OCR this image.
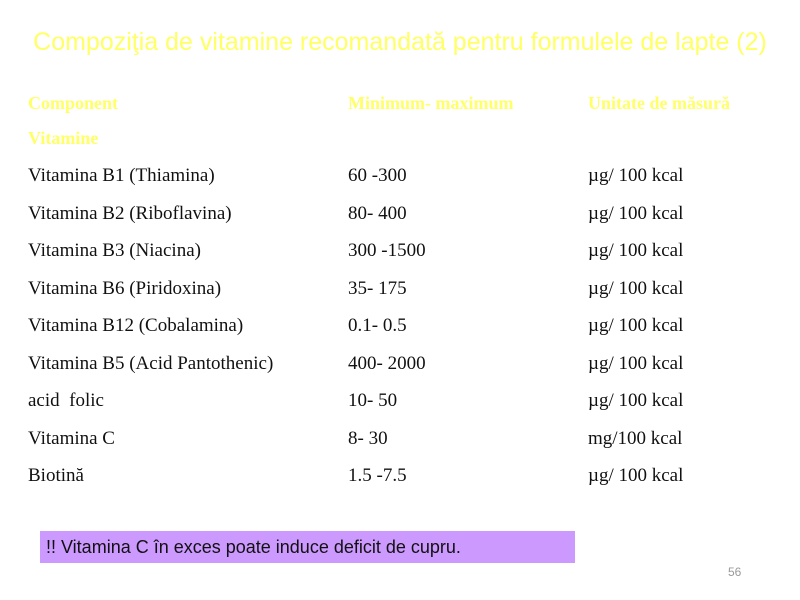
Compoziţia de vitamine recomandată pentru formulele de lapte (2)
Component	Minimum- maximum	Unitate de măsură
Vitamine		
Vitamina B1 (Thiamina)	60 -300	µg/ 100 kcal
Vitamina B2 (Riboflavina)	80- 400	µg/ 100 kcal
Vitamina B3 (Niacina)	300 -1500	µg/ 100 kcal
Vitamina B6 (Piridoxina)	35- 175	µg/ 100 kcal
Vitamina B12 (Cobalamina)	0.1- 0.5	µg/ 100 kcal
Vitamina B5 (Acid Pantothenic)	400- 2000	µg/ 100 kcal
acid  folic	10- 50	µg/ 100 kcal
Vitamina C	8- 30	mg/100 kcal
Biotină	1.5 -7.5	µg/ 100 kcal
!! Vitamina C în exces poate induce deficit de cupru.
56
